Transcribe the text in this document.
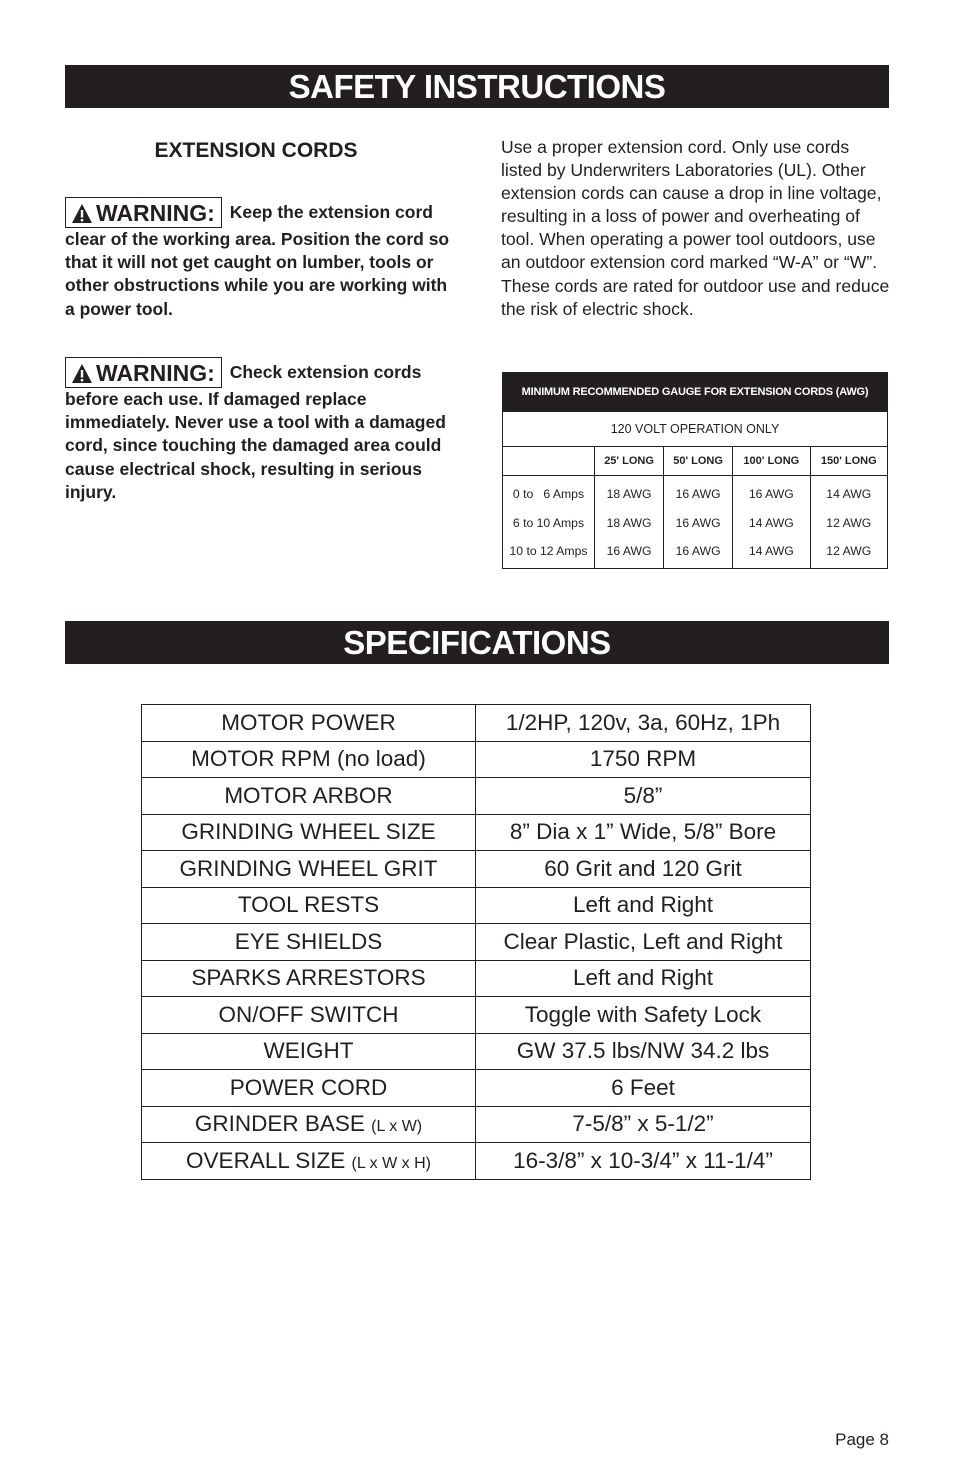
SAFETY INSTRUCTIONS
EXTENSION CORDS
WARNING: Keep the extension cord clear of the working area. Position the cord so that it will not get caught on lumber, tools or other obstructions while you are working with a power tool.
WARNING: Check extension cords before each use. If damaged replace immediately. Never use a tool with a damaged cord, since touching the damaged area could cause electrical shock, resulting in serious injury.
Use a proper extension cord. Only use cords listed by Underwriters Laboratories (UL). Other extension cords can cause a drop in line voltage, resulting in a loss of power and overheating of tool. When operating a power tool outdoors, use an outdoor extension cord marked “W-A” or “W”. These cords are rated for outdoor use and reduce the risk of electric shock.
MINIMUM RECOMMENDED GAUGE FOR EXTENSION CORDS (AWG)				
120 VOLT OPERATION ONLY				
	25' LONG	50' LONG	100' LONG	150' LONG
0 to   6 Amps	18 AWG	16 AWG	16 AWG	14 AWG
6 to 10 Amps	18 AWG	16 AWG	14 AWG	12 AWG
10 to 12 Amps	16 AWG	16 AWG	14 AWG	12 AWG
SPECIFICATIONS
MOTOR POWER	1/2HP, 120v, 3a, 60Hz, 1Ph
MOTOR RPM (no load)	1750 RPM
MOTOR ARBOR	5/8”
GRINDING WHEEL SIZE	8” Dia x 1” Wide, 5/8” Bore
GRINDING WHEEL GRIT	60 Grit and 120 Grit
TOOL RESTS	Left and Right
EYE SHIELDS	Clear Plastic, Left and Right
SPARKS ARRESTORS	Left and Right
ON/OFF SWITCH	Toggle with Safety Lock
WEIGHT	GW 37.5 lbs/NW 34.2 lbs
POWER CORD	6 Feet
GRINDER BASE (L x W)	7-5/8” x 5-1/2”
OVERALL SIZE (L x W x H)	16-3/8” x 10-3/4” x 11-1/4”
Page 8
